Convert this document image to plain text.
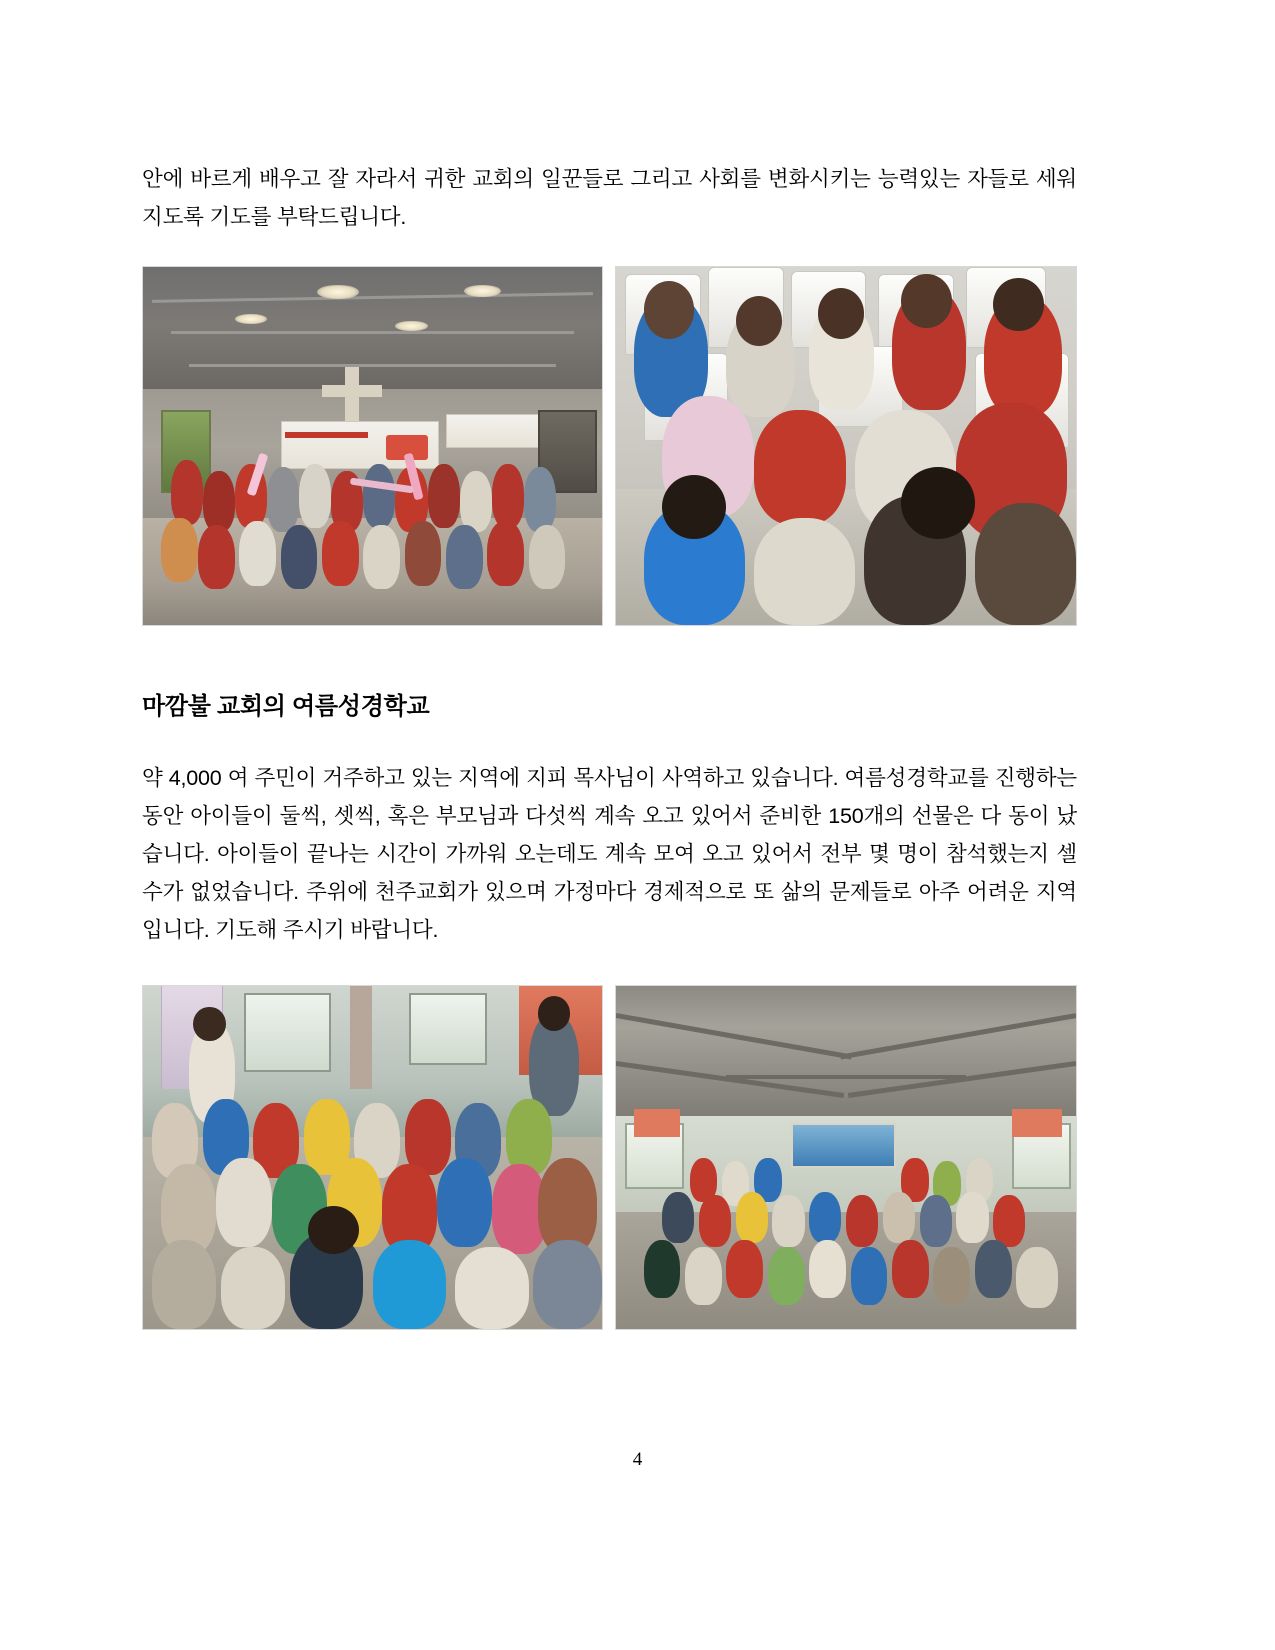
안에 바르게 배우고 잘 자라서 귀한 교회의 일꾼들로 그리고 사회를 변화시키는 능력있는 자들로 세워지도록 기도를 부탁드립니다.

마깜불 교회의 여름성경학교

약 4,000 여 주민이 거주하고 있는 지역에 지피 목사님이 사역하고 있습니다. 여름성경학교를 진행하는 동안 아이들이 둘씩, 셋씩, 혹은 부모님과 다섯씩 계속 오고 있어서 준비한 150개의 선물은 다 동이 났습니다. 아이들이 끝나는 시간이 가까워 오는데도 계속 모여 오고 있어서 전부 몇 명이 참석했는지 셀 수가 없었습니다. 주위에 천주교회가 있으며 가정마다 경제적으로 또 삶의 문제들로 아주 어려운 지역입니다. 기도해 주시기 바랍니다.

4
